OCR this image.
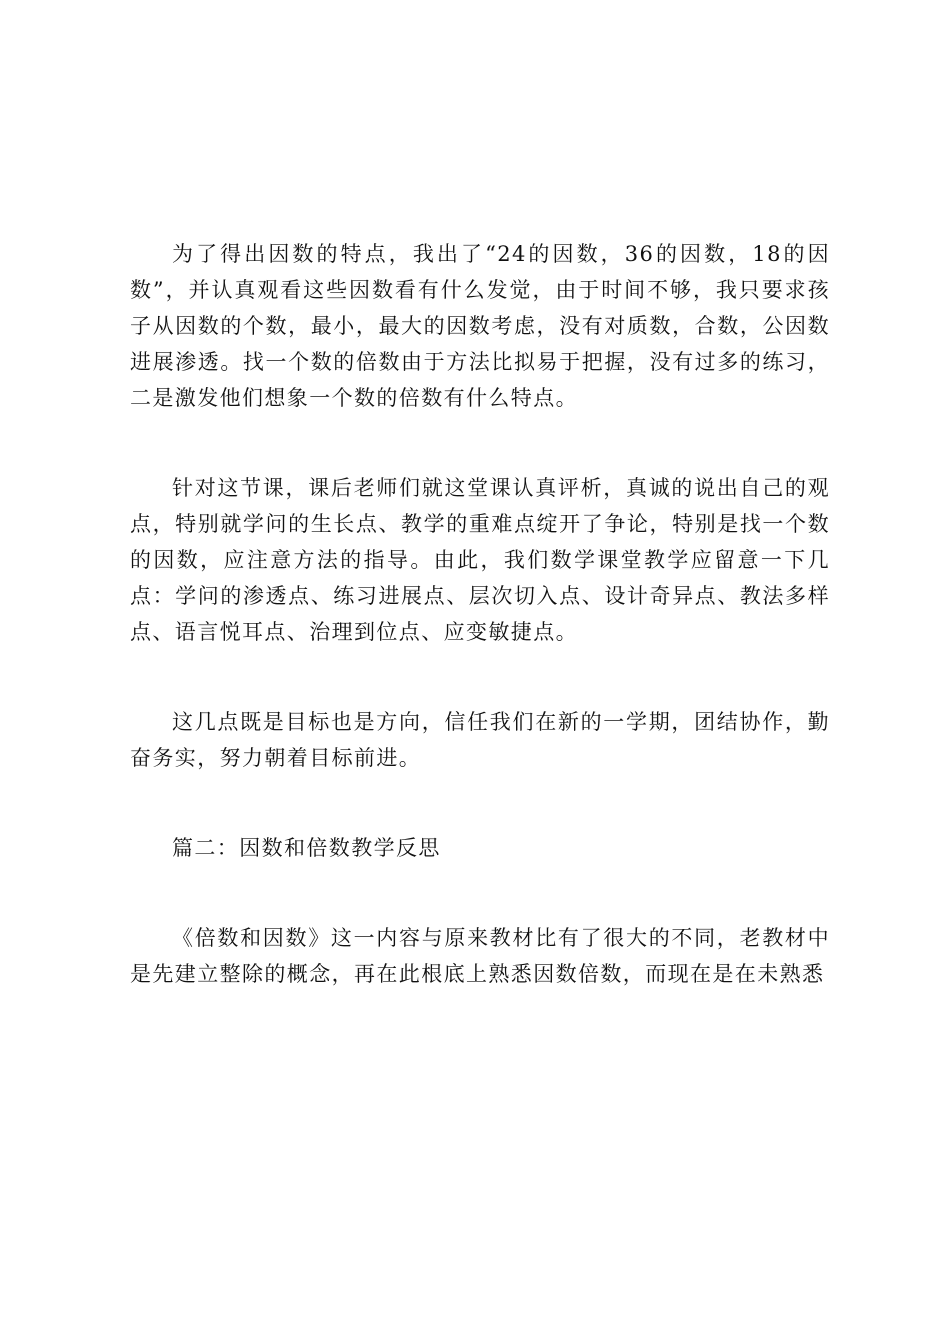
为了得出因数的特点，我出了“24的因数，36的因数，18的因数”，并认真观看这些因数看有什么发觉，由于时间不够，我只要求孩子从因数的个数，最小，最大的因数考虑，没有对质数，合数，公因数进展渗透。找一个数的倍数由于方法比拟易于把握，没有过多的练习，二是激发他们想象一个数的倍数有什么特点。

针对这节课，课后老师们就这堂课认真评析，真诚的说出自己的观点，特别就学问的生长点、教学的重难点绽开了争论，特别是找一个数的因数，应注意方法的指导。由此，我们数学课堂教学应留意一下几点：学问的渗透点、练习进展点、层次切入点、设计奇异点、教法多样点、语言悦耳点、治理到位点、应变敏捷点。

这几点既是目标也是方向，信任我们在新的一学期，团结协作，勤奋务实，努力朝着目标前进。

篇二：因数和倍数教学反思

《倍数和因数》这一内容与原来教材比有了很大的不同，老教材中是先建立整除的概念，再在此根底上熟悉因数倍数，而现在是在未熟悉
